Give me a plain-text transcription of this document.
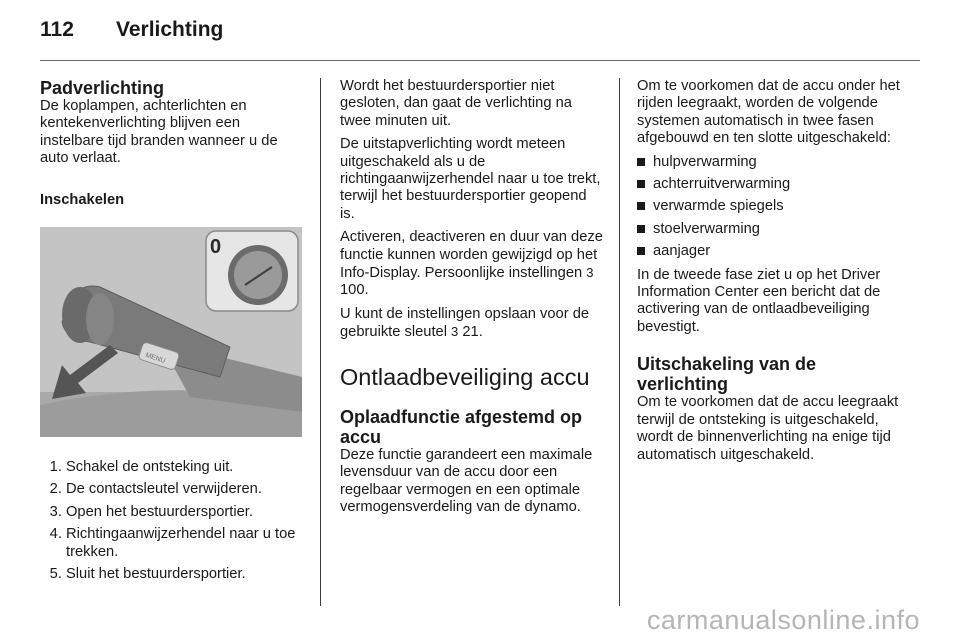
112	Verlichting
Padverlichting

De koplampen, achterlichten en kentekenverlichting blijven een instelbare tijd branden wanneer u de auto verlaat.

Inschakelen

MENU
0
1. Schakel de ontsteking uit.
2. De contactsleutel verwijderen.
3. Open het bestuurdersportier.
4. Richtingaanwijzerhendel naar u toe trekken.
5. Sluit het bestuurdersportier.

Wordt het bestuurdersportier niet gesloten, dan gaat de verlichting na twee minuten uit.

De uitstapverlichting wordt meteen uitgeschakeld als u de richtingaanwijzerhendel naar u toe trekt, terwijl het bestuurdersportier geopend is.

Activeren, deactiveren en duur van deze functie kunnen worden gewijzigd op het Info-Display. Persoonlijke instellingen 3 100.

U kunt de instellingen opslaan voor de gebruikte sleutel 3 21.

Ontlaadbeveiliging accu
Oplaadfunctie afgestemd op accu

Deze functie garandeert een maximale levensduur van de accu door een regelbaar vermogen en een optimale vermogensverdeling van de dynamo.

Om te voorkomen dat de accu onder het rijden leegraakt, worden de volgende systemen automatisch in twee fasen afgebouwd en ten slotte uitgeschakeld:

hulpverwarming
achterruitverwarming
verwarmde spiegels
stoelverwarming
aanjager

In de tweede fase ziet u op het Driver Information Center een bericht dat de activering van de ontlaadbeveiliging bevestigt.

Uitschakeling van de verlichting

Om te voorkomen dat de accu leegraakt terwijl de ontsteking is uitgeschakeld, wordt de binnenverlichting na enige tijd automatisch uitgeschakeld.

carmanualsonline.info
